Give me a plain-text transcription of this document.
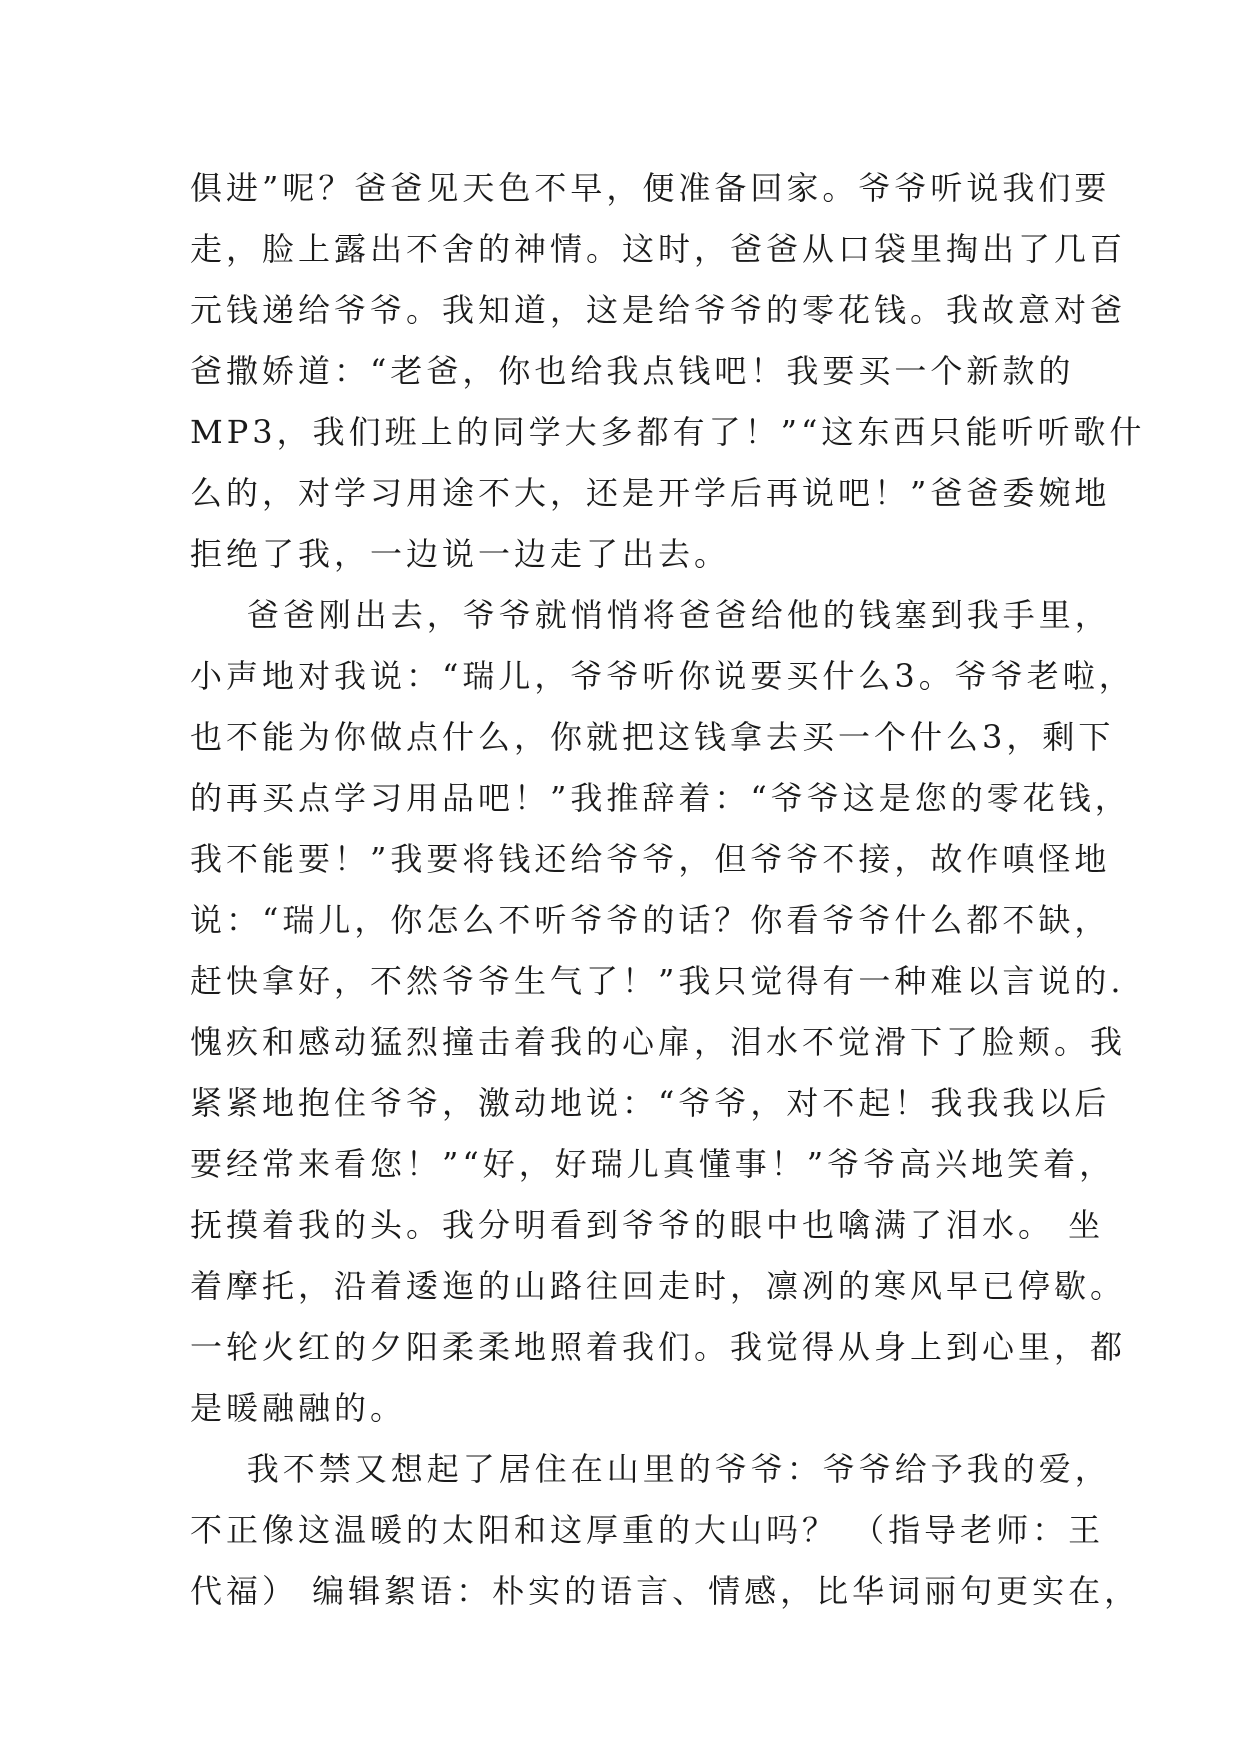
俱进”呢？爸爸见天色不早，便准备回家。爷爷听说我们要
走，脸上露出不舍的神情。这时，爸爸从口袋里掏出了几百
元钱递给爷爷。我知道，这是给爷爷的零花钱。我故意对爸
爸撒娇道：“老爸，你也给我点钱吧！我要买一个新款的
MP3，我们班上的同学大多都有了！”“这东西只能听听歌什
么的，对学习用途不大，还是开学后再说吧！”爸爸委婉地
拒绝了我，一边说一边走了出去。
爸爸刚出去，爷爷就悄悄将爸爸给他的钱塞到我手里，
小声地对我说：“瑞儿，爷爷听你说要买什么3。爷爷老啦，
也不能为你做点什么，你就把这钱拿去买一个什么3，剩下
的再买点学习用品吧！”我推辞着：“爷爷这是您的零花钱，
我不能要！”我要将钱还给爷爷，但爷爷不接，故作嗔怪地
说：“瑞儿，你怎么不听爷爷的话？你看爷爷什么都不缺，
赶快拿好，不然爷爷生气了！”我只觉得有一种难以言说的.
愧疚和感动猛烈撞击着我的心扉，泪水不觉滑下了脸颊。我
紧紧地抱住爷爷，激动地说：“爷爷，对不起！我我我以后
要经常来看您！”“好，好瑞儿真懂事！”爷爷高兴地笑着，
抚摸着我的头。我分明看到爷爷的眼中也噙满了泪水。 坐
着摩托，沿着逶迤的山路往回走时，凛冽的寒风早已停歇。
一轮火红的夕阳柔柔地照着我们。我觉得从身上到心里，都
是暖融融的。
我不禁又想起了居住在山里的爷爷：爷爷给予我的爱，
不正像这温暖的太阳和这厚重的大山吗？ （指导老师：王
代福） 编辑絮语：朴实的语言、情感，比华词丽句更实在，
